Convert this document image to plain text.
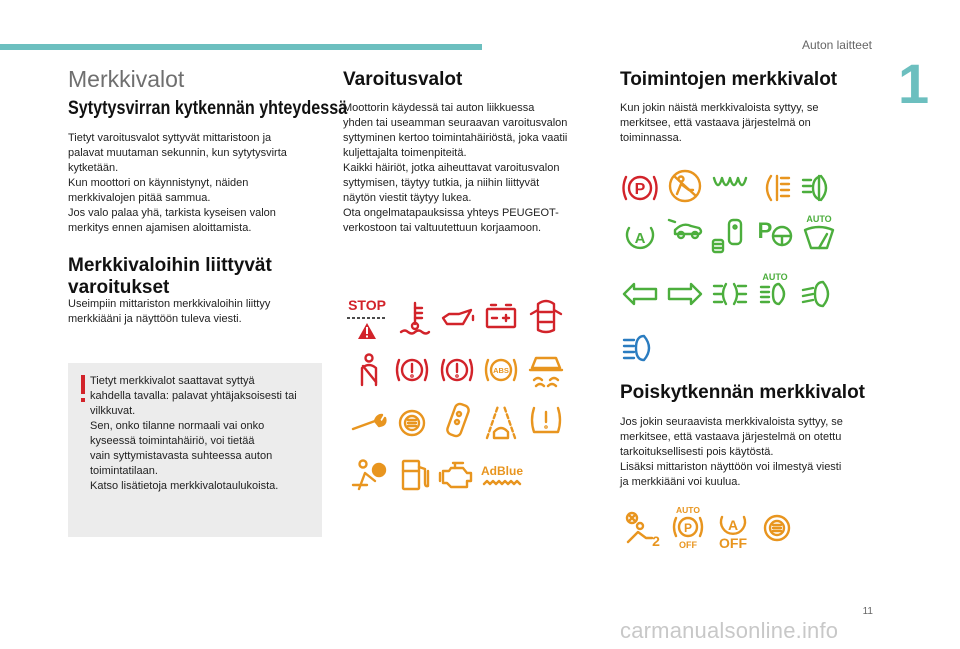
Auton laitteet
1
Merkkivalot
Sytytysvirran kytkennän yhteydessä

Tietyt varoitusvalot syttyvät mittaristoon ja
palavat muutaman sekunnin, kun sytytysvirta
kytketään.
Kun moottori on käynnistynyt, näiden
merkkivalojen pitää sammua.
Jos valo palaa yhä, tarkista kyseisen valon
merkitys ennen ajamisen aloittamista.

Merkkivaloihin liittyvät
varoitukset

Useimpiin mittariston merkkivaloihin liittyy
merkkiääni ja näyttöön tuleva viesti.

Tietyt merkkivalot saattavat syttyä
kahdella tavalla: palavat yhtäjaksoisesti tai
vilkkuvat.
Sen, onko tilanne normaali vai onko
kyseessä toimintahäiriö, voi tietää
vain syttymistavasta suhteessa auton
toimintatilaan.
Katso lisätietoja merkkivalotaulukoista.

Varoitusvalot

Moottorin käydessä tai auton liikkuessa
yhden tai useamman seuraavan varoitusvalon
syttyminen kertoo toimintahäiriöstä, joka vaatii
kuljettajalta toimenpiteitä.
Kaikki häiriöt, jotka aiheuttavat varoitusvalon
syttymisen, täytyy tutkia, ja niihin liittyvät
näytön viestit täytyy lukea.
Ota ongelmatapauksissa yhteys PEUGEOT-
verkostoon tai valtuutettuun korjaamoon.

STOP
ABS
AdBlue
Toimintojen merkkivalot

Kun jokin näistä merkkivaloista syttyy, se
merkitsee, että vastaava järjestelmä on
toiminnassa.

P
A	P	AUTO
AUTO
Poiskytkennän merkkivalot

Jos jokin seuraavista merkkivaloista syttyy, se
merkitsee, että vastaava järjestelmä on otettu
tarkoituksellisesti pois käytöstä.
Lisäksi mittariston näyttöön voi ilmestyä viesti
ja merkkiääni voi kuulua.

2
AUTO
P
OFF
A
OFF
11
carmanualsonline.info
